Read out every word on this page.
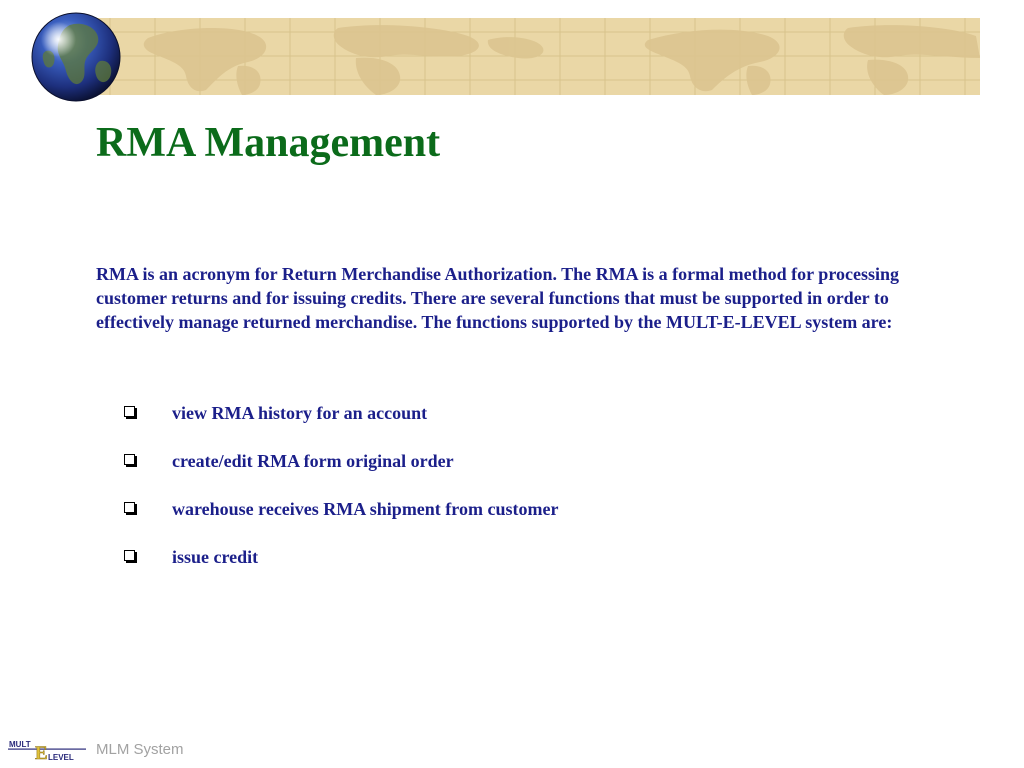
RMA Management

RMA is an acronym for Return Merchandise Authorization. The RMA is a formal method for processing customer returns and for issuing credits. There are several functions that must be supported in order to effectively manage returned merchandise. The functions supported by the MULT-E-LEVEL system are:

view RMA history for an account
create/edit RMA form original order
warehouse receives RMA shipment from customer
issue credit
MULT E LEVEL MLM System
